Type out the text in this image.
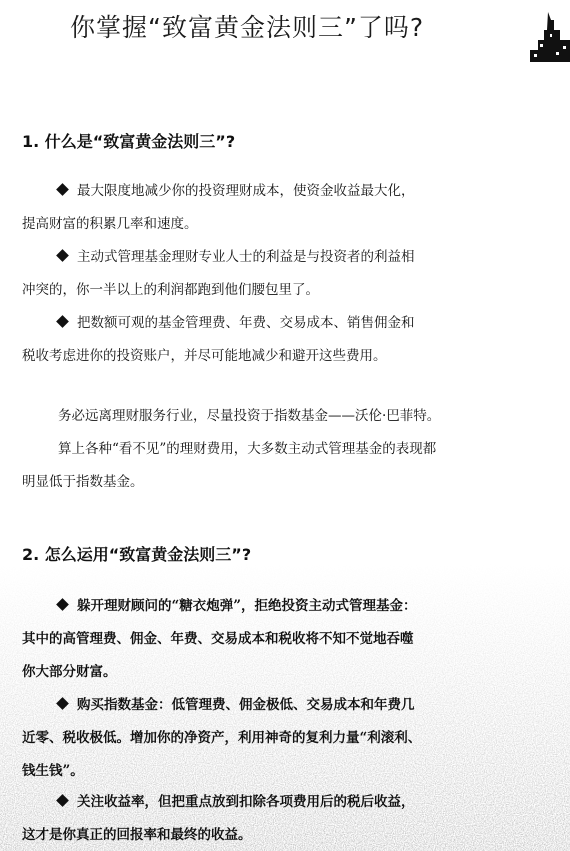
你掌握“致富黄金法则三”了吗?
1. 什么是“致富黄金法则三”?
最大限度地减少你的投资理财成本，使资金收益最大化，
提高财富的积累几率和速度。
主动式管理基金理财专业人士的利益是与投资者的利益相
冲突的，你一半以上的利润都跑到他们腰包里了。
把数额可观的基金管理费、年费、交易成本、销售佣金和
税收考虑进你的投资账户，并尽可能地减少和避开这些费用。
务必远离理财服务行业，尽量投资于指数基金——沃伦·巴菲特。
算上各种“看不见”的理财费用，大多数主动式管理基金的表现都
明显低于指数基金。
2. 怎么运用“致富黄金法则三”?
躲开理财顾问的“糖衣炮弹”，拒绝投资主动式管理基金：
其中的高管理费、佣金、年费、交易成本和税收将不知不觉地吞噬
你大部分财富。
购买指数基金：低管理费、佣金极低、交易成本和年费几
近零、税收极低。增加你的净资产，利用神奇的复利力量“利滚利、
钱生钱”。
关注收益率，但把重点放到扣除各项费用后的税后收益，
这才是你真正的回报率和最终的收益。
